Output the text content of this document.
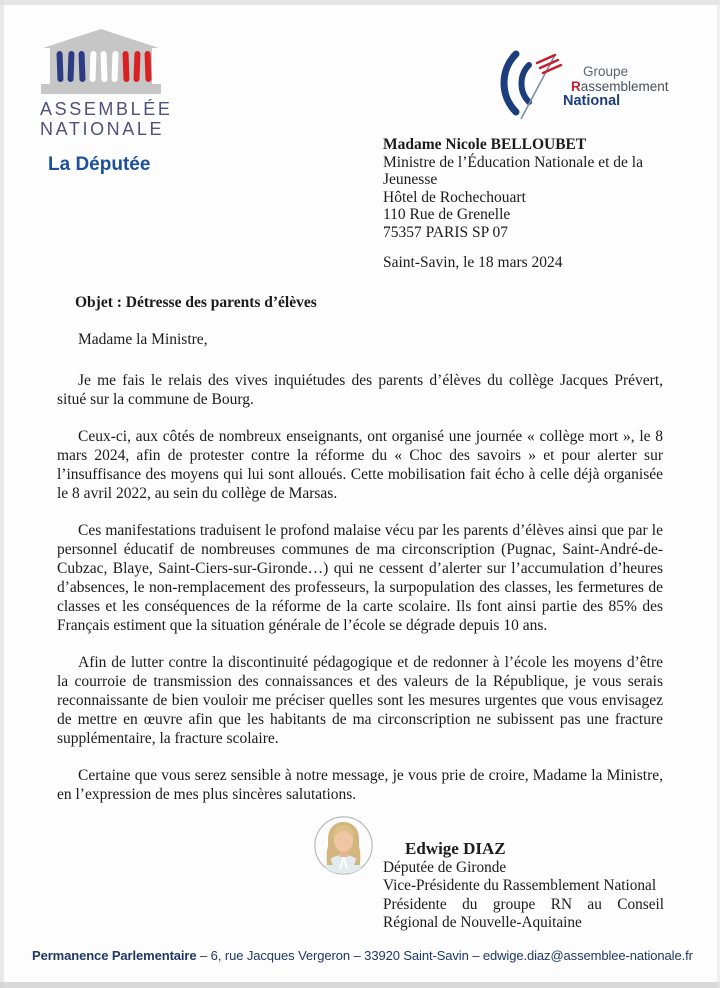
ASSEMBLÉE
NATIONALE
La Députée
Groupe
Rassemblement
National
Madame Nicole BELLOUBET
Ministre de l’Éducation Nationale et de la
Jeunesse
Hôtel de Rochechouart
110 Rue de Grenelle
75357 PARIS SP 07
Saint-Savin, le 18 mars 2024
Objet : Détresse des parents d’élèves
Madame la Ministre,

Je me fais le relais des vives inquiétudes des parents d’élèves du collège Jacques Prévert, situé sur la commune de Bourg.

Ceux-ci, aux côtés de nombreux enseignants, ont organisé une journée « collège mort », le 8 mars 2024, afin de protester contre la réforme du « Choc des savoirs » et pour alerter sur l’insuffisance des moyens qui lui sont alloués. Cette mobilisation fait écho à celle déjà organisée le 8 avril 2022, au sein du collège de Marsas.

Ces manifestations traduisent le profond malaise vécu par les parents d’élèves ainsi que par le personnel éducatif de nombreuses communes de ma circonscription (Pugnac, Saint-André-de-Cubzac, Blaye, Saint-Ciers-sur-Gironde…) qui ne cessent d’alerter sur l’accumulation d’heures d’absences, le non-remplacement des professeurs, la surpopulation des classes, les fermetures de classes et les conséquences de la réforme de la carte scolaire. Ils font ainsi partie des 85% des Français estiment que la situation générale de l’école se dégrade depuis 10 ans.

Afin de lutter contre la discontinuité pédagogique et de redonner à l’école les moyens d’être la courroie de transmission des connaissances et des valeurs de la République, je vous serais reconnaissante de bien vouloir me préciser quelles sont les mesures urgentes que vous envisagez de mettre en œuvre afin que les habitants de ma circonscription ne subissent pas une fracture supplémentaire, la fracture scolaire.

Certaine que vous serez sensible à notre message, je vous prie de croire, Madame la Ministre, en l’expression de mes plus sincères salutations.

Edwige DIAZ
Députée de Gironde
Vice-Présidente du Rassemblement National
Présidente du groupe RN au Conseil
Régional de Nouvelle-Aquitaine
Permanence Parlementaire – 6, rue Jacques Vergeron – 33920 Saint-Savin – edwige.diaz@assemblee-nationale.fr
